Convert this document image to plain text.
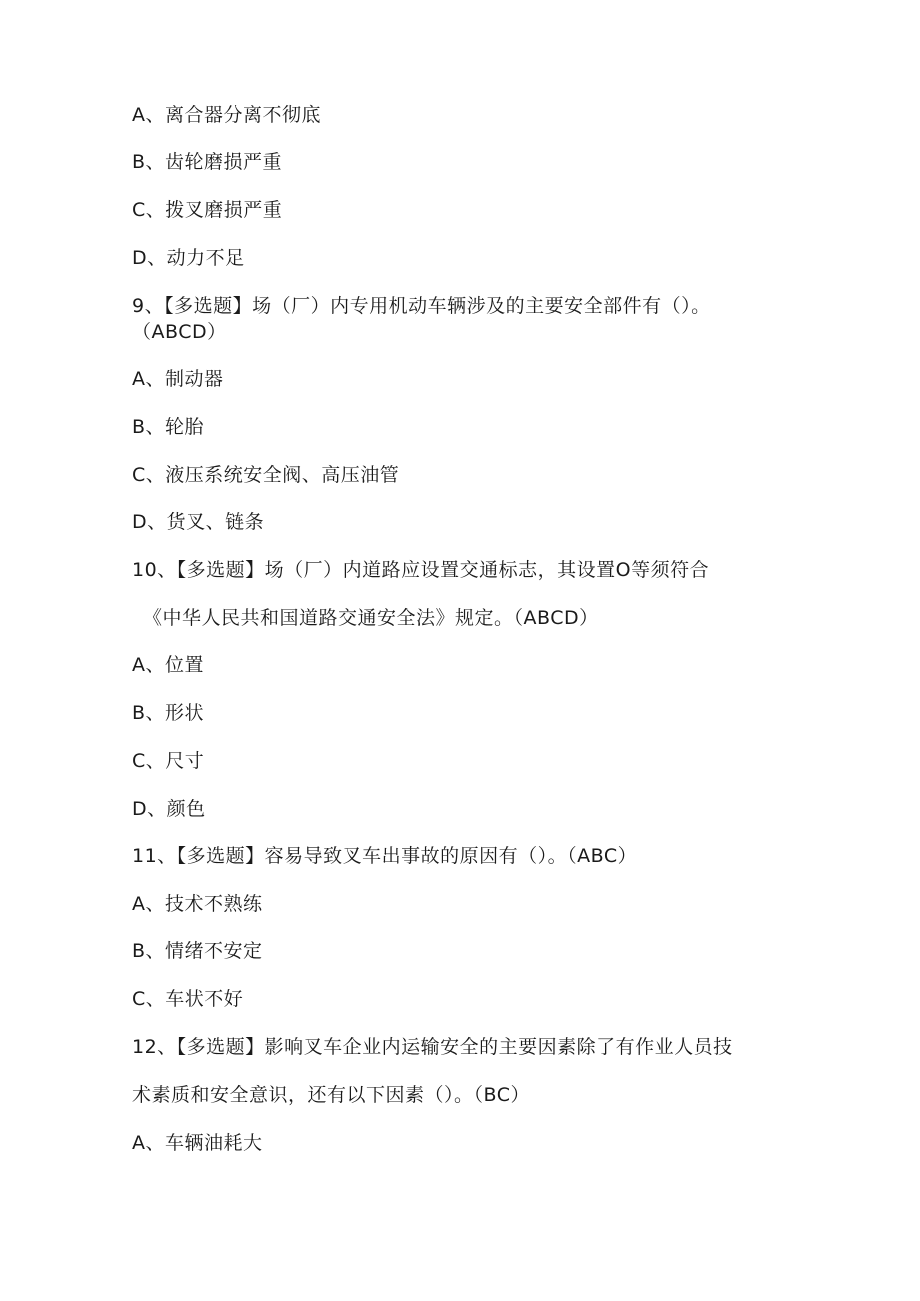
A、离合器分离不彻底
B、齿轮磨损严重
C、拨叉磨损严重
D、动力不足
9、【多选题】场（厂）内专用机动车辆涉及的主要安全部件有（）。
（ABCD）
A、制动器
B、轮胎
C、液压系统安全阀、高压油管
D、货叉、链条
10、【多选题】场（厂）内道路应设置交通标志，其设置O等须符合
《中华人民共和国道路交通安全法》规定。（ABCD）
A、位置
B、形状
C、尺寸
D、颜色
11、【多选题】容易导致叉车出事故的原因有（）。（ABC）
A、技术不熟练
B、情绪不安定
C、车状不好
12、【多选题】影响叉车企业内运输安全的主要因素除了有作业人员技
术素质和安全意识，还有以下因素（）。（BC）
A、车辆油耗大
